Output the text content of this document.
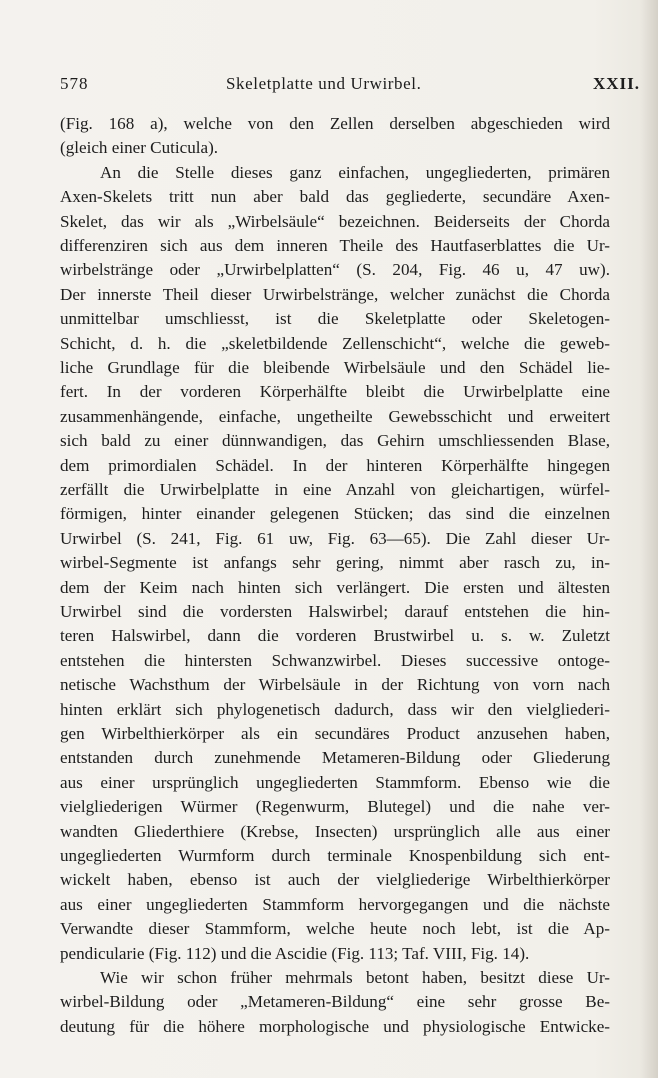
578	Skeletplatte und Urwirbel.	XXII.
(Fig. 168 a), welche von den Zellen derselben abgeschieden wird
(gleich einer Cuticula).
An die Stelle dieses ganz einfachen, ungegliederten, primären
Axen-Skelets tritt nun aber bald das gegliederte, secundäre Axen-
Skelet, das wir als „Wirbelsäule“ bezeichnen. Beiderseits der Chorda
differenziren sich aus dem inneren Theile des Hautfaserblattes die Ur-
wirbelstränge oder „Urwirbelplatten“ (S. 204, Fig. 46 u, 47 uw).
Der innerste Theil dieser Urwirbelstränge, welcher zunächst die Chorda
unmittelbar umschliesst, ist die Skeletplatte oder Skeletogen-
Schicht, d. h. die „skeletbildende Zellenschicht“, welche die geweb-
liche Grundlage für die bleibende Wirbelsäule und den Schädel lie-
fert. In der vorderen Körperhälfte bleibt die Urwirbelplatte eine
zusammenhängende, einfache, ungetheilte Gewebsschicht und erweitert
sich bald zu einer dünnwandigen, das Gehirn umschliessenden Blase,
dem primordialen Schädel. In der hinteren Körperhälfte hingegen
zerfällt die Urwirbelplatte in eine Anzahl von gleichartigen, würfel-
förmigen, hinter einander gelegenen Stücken; das sind die einzelnen
Urwirbel (S. 241, Fig. 61 uw, Fig. 63—65). Die Zahl dieser Ur-
wirbel-Segmente ist anfangs sehr gering, nimmt aber rasch zu, in-
dem der Keim nach hinten sich verlängert. Die ersten und ältesten
Urwirbel sind die vordersten Halswirbel; darauf entstehen die hin-
teren Halswirbel, dann die vorderen Brustwirbel u. s. w. Zuletzt
entstehen die hintersten Schwanzwirbel. Dieses successive ontoge-
netische Wachsthum der Wirbelsäule in der Richtung von vorn nach
hinten erklärt sich phylogenetisch dadurch, dass wir den vielgliederi-
gen Wirbelthierkörper als ein secundäres Product anzusehen haben,
entstanden durch zunehmende Metameren-Bildung oder Gliederung
aus einer ursprünglich ungegliederten Stammform. Ebenso wie die
vielgliederigen Würmer (Regenwurm, Blutegel) und die nahe ver-
wandten Gliederthiere (Krebse, Insecten) ursprünglich alle aus einer
ungegliederten Wurmform durch terminale Knospenbildung sich ent-
wickelt haben, ebenso ist auch der vielgliederige Wirbelthierkörper
aus einer ungegliederten Stammform hervorgegangen und die nächste
Verwandte dieser Stammform, welche heute noch lebt, ist die Ap-
pendicularie (Fig. 112) und die Ascidie (Fig. 113; Taf. VIII, Fig. 14).
Wie wir schon früher mehrmals betont haben, besitzt diese Ur-
wirbel-Bildung oder „Metameren-Bildung“ eine sehr grosse Be-
deutung für die höhere morphologische und physiologische Entwicke-
